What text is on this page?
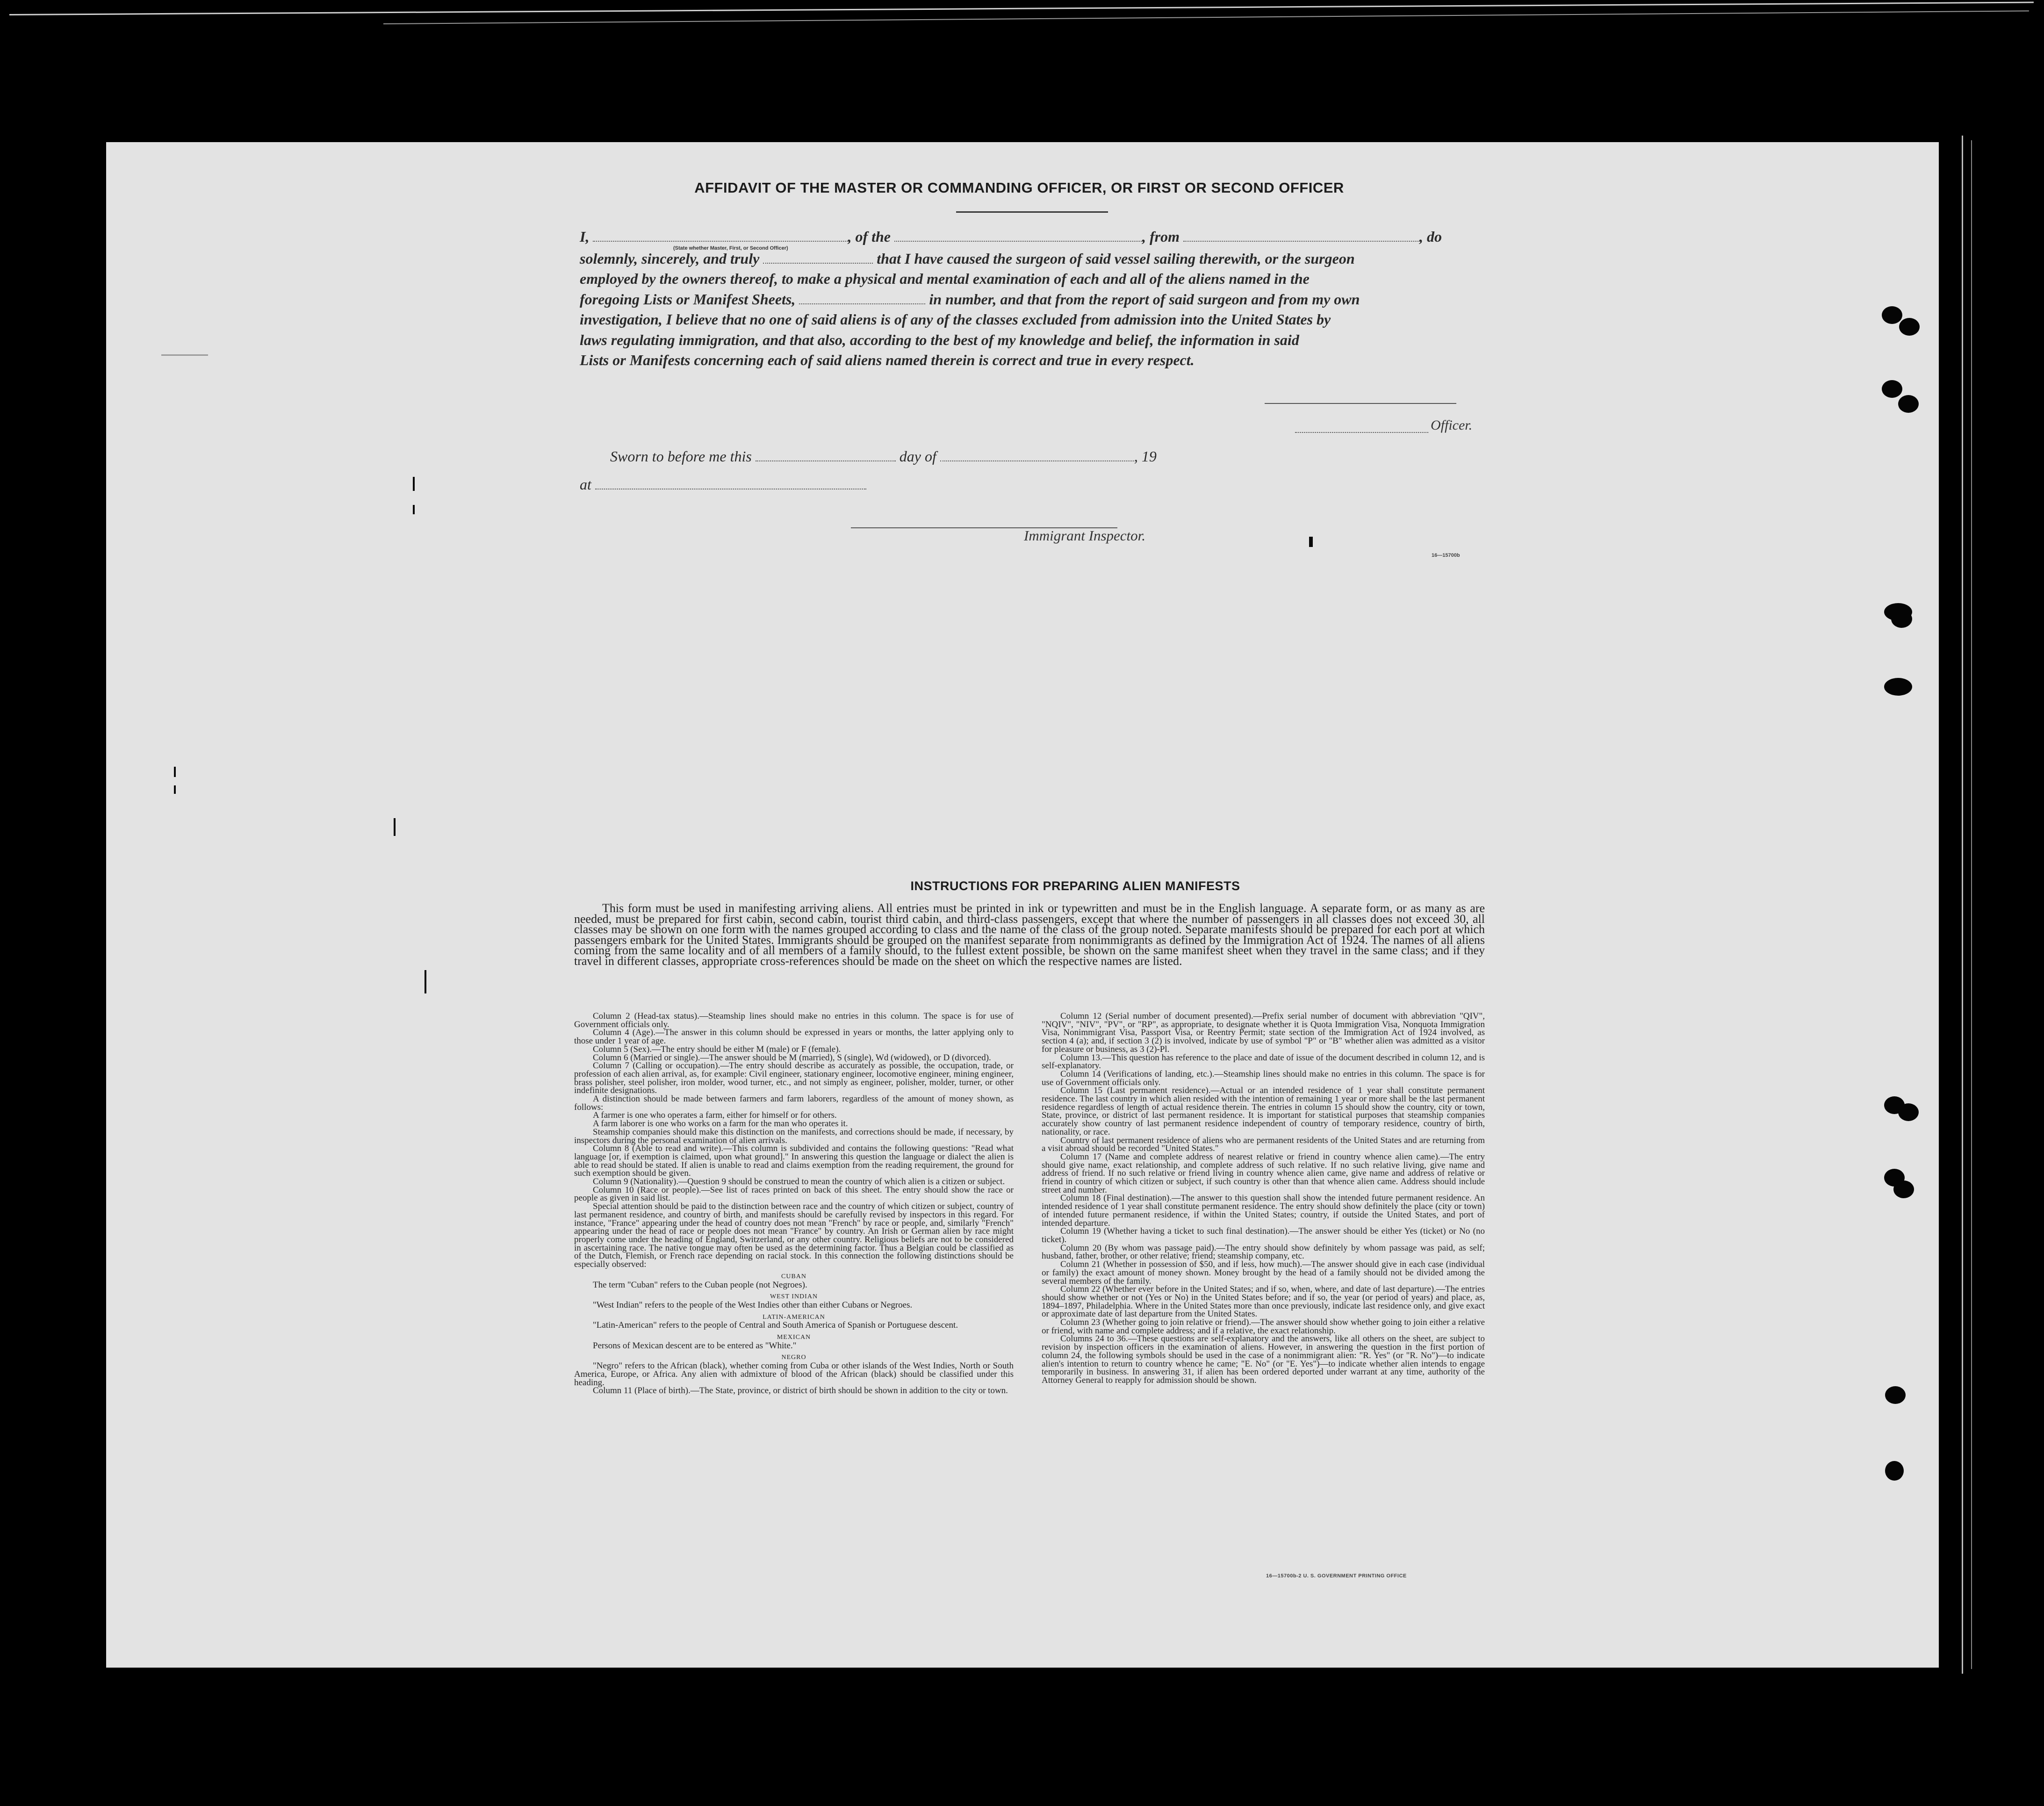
AFFIDAVIT OF THE MASTER OR COMMANDING OFFICER, OR FIRST OR SECOND OFFICER
I,	, of the	, from	, do
(State whether Master, First, or Second Officer)
solemnly, sincerely, and truly	that I have caused the surgeon of said vessel sailing therewith, or the surgeon
employed by the owners thereof, to make a physical and mental examination of each and all of the aliens named in the
foregoing Lists or Manifest Sheets,	in number, and that from the report of said surgeon and from my own
investigation, I believe that no one of said aliens is of any of the classes excluded from admission into the United States by
laws regulating immigration, and that also, according to the best of my knowledge and belief, the information in said
Lists or Manifests concerning each of said aliens named therein is correct and true in every respect.
Officer.
Sworn to before me this	day of	, 19
at
Immigrant Inspector.
16—15700b
INSTRUCTIONS FOR PREPARING ALIEN MANIFESTS
This form must be used in manifesting arriving aliens. All entries must be printed in ink or typewritten and must be in the English language. A separate form, or as many as are needed, must be prepared for first cabin, second cabin, tourist third cabin, and third-class passengers, except that where the number of passengers in all classes does not exceed 30, all classes may be shown on one form with the names grouped according to class and the name of the class of the group noted. Separate manifests should be prepared for each port at which passengers embark for the United States. Immigrants should be grouped on the manifest separate from nonimmigrants as defined by the Immigration Act of 1924. The names of all aliens coming from the same locality and of all members of a family should, to the fullest extent possible, be shown on the same manifest sheet when they travel in the same class; and if they travel in different classes, appropriate cross-references should be made on the sheet on which the respective names are listed.

Column 2 (Head-tax status).—Steamship lines should make no entries in this column. The space is for use of Government officials only.

Column 4 (Age).—The answer in this column should be expressed in years or months, the latter applying only to those under 1 year of age.

Column 5 (Sex).—The entry should be either M (male) or F (female).

Column 6 (Married or single).—The answer should be M (married), S (single), Wd (widowed), or D (divorced).

Column 7 (Calling or occupation).—The entry should describe as accurately as possible, the occupation, trade, or profession of each alien arrival, as, for example: Civil engineer, stationary engineer, locomotive engineer, mining engineer, brass polisher, steel polisher, iron molder, wood turner, etc., and not simply as engineer, polisher, molder, turner, or other indefinite designations.

A distinction should be made between farmers and farm laborers, regardless of the amount of money shown, as follows:

A farmer is one who operates a farm, either for himself or for others.

A farm laborer is one who works on a farm for the man who operates it.

Steamship companies should make this distinction on the manifests, and corrections should be made, if necessary, by inspectors during the personal examination of alien arrivals.

Column 8 (Able to read and write).—This column is subdivided and contains the following questions: "Read what language [or, if exemption is claimed, upon what ground]." In answering this question the language or dialect the alien is able to read should be stated. If alien is unable to read and claims exemption from the reading requirement, the ground for such exemption should be given.

Column 9 (Nationality).—Question 9 should be construed to mean the country of which alien is a citizen or subject.

Column 10 (Race or people).—See list of races printed on back of this sheet. The entry should show the race or people as given in said list.

Special attention should be paid to the distinction between race and the country of which citizen or subject, country of last permanent residence, and country of birth, and manifests should be carefully revised by inspectors in this regard. For instance, "France" appearing under the head of country does not mean "French" by race or people, and, similarly "French" appearing under the head of race or people does not mean "France" by country. An Irish or German alien by race might properly come under the heading of England, Switzerland, or any other country. Religious beliefs are not to be considered in ascertaining race. The native tongue may often be used as the determining factor. Thus a Belgian could be classified as of the Dutch, Flemish, or French race depending on racial stock. In this connection the following distinctions should be especially observed:

CUBAN

The term "Cuban" refers to the Cuban people (not Negroes).

WEST INDIAN

"West Indian" refers to the people of the West Indies other than either Cubans or Negroes.

LATIN-AMERICAN

"Latin-American" refers to the people of Central and South America of Spanish or Portuguese descent.

MEXICAN

Persons of Mexican descent are to be entered as "White."

NEGRO

"Negro" refers to the African (black), whether coming from Cuba or other islands of the West Indies, North or South America, Europe, or Africa. Any alien with admixture of blood of the African (black) should be classified under this heading.

Column 11 (Place of birth).—The State, province, or district of birth should be shown in addition to the city or town.

Column 12 (Serial number of document presented).—Prefix serial number of document with abbreviation "QIV", "NQIV", "NIV", "PV", or "RP", as appropriate, to designate whether it is Quota Immigration Visa, Nonquota Immigration Visa, Nonimmigrant Visa, Passport Visa, or Reentry Permit; state section of the Immigration Act of 1924 involved, as section 4 (a); and, if section 3 (2) is involved, indicate by use of symbol "P" or "B" whether alien was admitted as a visitor for pleasure or business, as 3 (2)-Pl.

Column 13.—This question has reference to the place and date of issue of the document described in column 12, and is self-explanatory.

Column 14 (Verifications of landing, etc.).—Steamship lines should make no entries in this column. The space is for use of Government officials only.

Column 15 (Last permanent residence).—Actual or an intended residence of 1 year shall constitute permanent residence. The last country in which alien resided with the intention of remaining 1 year or more shall be the last permanent residence regardless of length of actual residence therein. The entries in column 15 should show the country, city or town, State, province, or district of last permanent residence. It is important for statistical purposes that steamship companies accurately show country of last permanent residence independent of country of temporary residence, country of birth, nationality, or race.

Country of last permanent residence of aliens who are permanent residents of the United States and are returning from a visit abroad should be recorded "United States."

Column 17 (Name and complete address of nearest relative or friend in country whence alien came).—The entry should give name, exact relationship, and complete address of such relative. If no such relative living, give name and address of friend. If no such relative or friend living in country whence alien came, give name and address of relative or friend in country of which citizen or subject, if such country is other than that whence alien came. Address should include street and number.

Column 18 (Final destination).—The answer to this question shall show the intended future permanent residence. An intended residence of 1 year shall constitute permanent residence. The entry should show definitely the place (city or town) of intended future permanent residence, if within the United States; country, if outside the United States, and port of intended departure.

Column 19 (Whether having a ticket to such final destination).—The answer should be either Yes (ticket) or No (no ticket).

Column 20 (By whom was passage paid).—The entry should show definitely by whom passage was paid, as self; husband, father, brother, or other relative; friend; steamship company, etc.

Column 21 (Whether in possession of $50, and if less, how much).—The answer should give in each case (individual or family) the exact amount of money shown. Money brought by the head of a family should not be divided among the several members of the family.

Column 22 (Whether ever before in the United States; and if so, when, where, and date of last departure).—The entries should show whether or not (Yes or No) in the United States before; and if so, the year (or period of years) and place, as, 1894–1897, Philadelphia. Where in the United States more than once previously, indicate last residence only, and give exact or approximate date of last departure from the United States.

Column 23 (Whether going to join relative or friend).—The answer should show whether going to join either a relative or friend, with name and complete address; and if a relative, the exact relationship.

Columns 24 to 36.—These questions are self-explanatory and the answers, like all others on the sheet, are subject to revision by inspection officers in the examination of aliens. However, in answering the question in the first portion of column 24, the following symbols should be used in the case of a nonimmigrant alien: "R. Yes" (or "R. No")—to indicate alien's intention to return to country whence he came; "E. No" (or "E. Yes")—to indicate whether alien intends to engage temporarily in business. In answering 31, if alien has been ordered deported under warrant at any time, authority of the Attorney General to reapply for admission should be shown.

16—15700b-2 U. S. GOVERNMENT PRINTING OFFICE
